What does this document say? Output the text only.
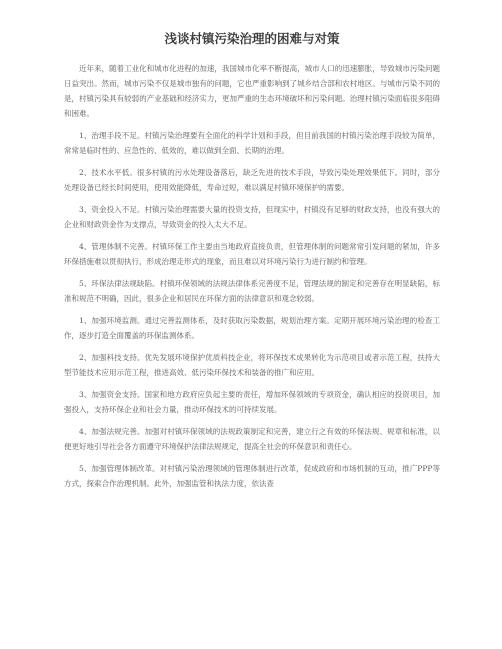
浅谈村镇污染治理的困难与对策

近年来，随着工业化和城市化进程的加速，我国城市化率不断提高，城市人口的迅速膨胀，导致城市污染问题日益突出。然而，城市污染不仅是城市独有的问题，它也严重影响到了城乡结合部和农村地区。与城市污染不同的是，村镇污染具有较弱的产业基础和经济实力，更加严重的生态环境破坏和污染问题。治理村镇污染面临很多阻碍和困难。

1、治理手段不足。村镇污染治理要有全面化的科学计划和手段，但目前我国的村镇污染治理手段较为简单，常常是临时性的、应急性的、低效的，难以做到全面、长期的治理。

2、技术水平低。很多村镇的污水处理设备落后，缺乏先进的技术手段，导致污染处理效果低下。同时，部分处理设备已经长时间使用，使用效能降低，寿命过短，难以满足村镇环境保护的需要。

3、资金投入不足。村镇污染治理需要大量的投资支持，但现实中，村镇没有足够的财政支持，也没有强大的企业和财政资金作为支撑点，导致资金的投入太大不足。

4、管理体制不完善。村镇环保工作主要由当地政府直接负责，但管理体制的问题常常引发问题的紧加，许多环保措施难以贯彻执行，形成治理走形式的现象，而且难以对环境污染行为进行制约和管理。

5、环保法律法规缺陷。村镇环保领域的法规法律体系完善度不足，管理法规的制定和完善存在明显缺陷，标准和规范不明确，因此，很多企业和居民在环保方面的法律意识和观念较弱。

1、加强环境监测。通过完善监测体系，及时获取污染数据，规划治理方案。定期开展环境污染治理的检查工作，逐步打造全面覆盖的环保监测体系。

2、加强科技支持。优先发展环境保护优质科技企业，将环保技术成果转化为示范项目或者示范工程，扶持大型节能技术应用示范工程，推进高效、低污染环保技术和装备的推广和应用。

3、加强资金支持。国家和地方政府应负起主要的责任，增加环保领域的专项资金，确认相应的投资项目，加强投入，支持环保企业和社会力量，推动环保技术的可持续发展。

4、加强法规完善。加强对村镇环保领域的法规政策制定和完善，建立行之有效的环保法规、规章和标准，以便更好地引导社会各方面遵守环境保护法律法规规定，提高全社会的环保意识和责任心。

5、加强管理体制改革。对村镇污染治理领域的管理体制进行改革，促成政府和市场机制的互动，推广PPP等方式，探索合作治理机制。此外，加强监管和执法力度，依法查
